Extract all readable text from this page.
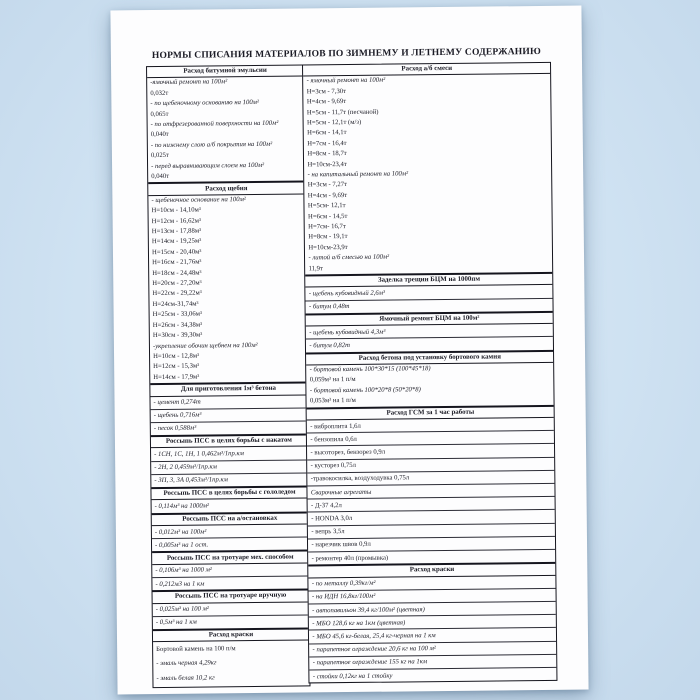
НОРМЫ СПИСАНИЯ МАТЕРИАЛОВ ПО ЗИМНЕМУ И ЛЕТНЕМУ СОДЕРЖАНИЮ
Расход битумной эмульсии
-ямочный ремонт на 100м²
0,032т
- по щебеночному основанию на 100м²
0,065т
- по отфрезерованной поверхности на 100м²
0,040т
- по нижнему слою а/б покрытия на 100м²
0,025т
- перед выравнивающим слоем на 100м²
0,040т
Расход щебня
- щебеночное основание на 100м²
Н=10см - 14,10м³
Н=12см - 16,62м³
Н=13см - 17,88м³
Н=14см - 19,25м³
Н=15см - 20,40м³
Н=16см - 21,76м³
Н=18см - 24,48м³
Н=20см - 27,20м³
Н=22см - 29,22м³
Н=24см-31,74м³
Н=25см - 33,06м³
Н=26см - 34,38м³
Н=30см - 39,30м³
-укрепление обочин щебнем на 100м²
Н=10см - 12,8м³
Н=12см - 15,3м³
Н=14см - 17,9м³
Для приготовления 1м³ бетона
- цемент 0,274т
- щебень 0,716м³
- песок 0,588м³
Россыпь ПСС в целях борьбы с накатом
- 1СН, 1С, 1Н, 1 0,462м³/1пр.км
- 2Н, 2 0,459м³/1пр.км
- 3П, 3, 3А 0,453м³/1пр.км
Россыпь ПСС в целях борьбы с гололедом
- 0,114м³ на 1000м²
Россыпь ПСС на а/остановках
- 0,012м³ на 100м²
- 0,005м³ на 1 ост.
Россыпь ПСС на тротуаре мех. способом
- 0,106м³ на 1000 м²
- 0,212м3 на 1 км
Россыпь ПСС на тротуаре вручную
- 0,025м³ на 100 м²
- 0,5м³ на 1 км
Расход краски
Бортовой камень на 100 п/м
- эмаль черная 4,29кг
- эмаль белая 10,2 кг
Расход а/б смеси
- ямочный ремонт на 100м²
Н=3см - 7,30т
Н=4см - 9,69т
Н=5см - 11,7т (песчаной)
Н=5см - 12,1т (м/з)
Н=6см - 14,1т
Н=7см - 16,4т
Н=8см - 18,7т
Н=10см-23,4т
- на капитальный ремонт на 100м²
Н=3см - 7,27т
Н=4см - 9,69т
Н=5см- 12,1т
Н=6см - 14,5т
Н=7см- 16,7т
Н=8см - 19,1т
Н=10см-23,9т
- литой а/б смесью на 100м²
11,9т
Заделка трещин БЦМ на 1000пм
- щебень кубовидный 2,6м³
- битум 0,48т
Ямочный ремонт БЦМ на 100м²
- щебень кубовидный 4,3м³
- битум 0,82т
Расход бетона под установку бортового камня
- бортовой камень 100*30*15 (100*45*18)
0,059м³ на 1 п/м
- бортовой камень 100*20*8 (50*20*8)
0,053м³ на 1 п/м
Расход ГСМ за 1 час работы
- виброплита 1,6л
- бензопила 0,6л
- высоторез, бензорез 0,9л
- кусторез 0,75л
-травокосилка, воздуходувка 0,75л
Сварочные агрегаты
- Д-37 4,2л
- HONDA 3,0л
- вепрь 3,5л
- нарезчик швов 0,9л
- ремонтер 40л (промывка)
Расход краски
- по металлу 0,39кг/м²
- на ИДН 16,8кг/100м²
- автопавильон 39,4 кг/100м² (цветная)
- МБО 128,6 кг на 1км (цветная)
- МБО 45,6 кг-белая, 25,4 кг-черная на 1 км
- парапетное ограждение 20,6 кг на 100 м²
- парапетное ограждение 155 кг на 1км
- стойки 0,12кг на 1 стойку
